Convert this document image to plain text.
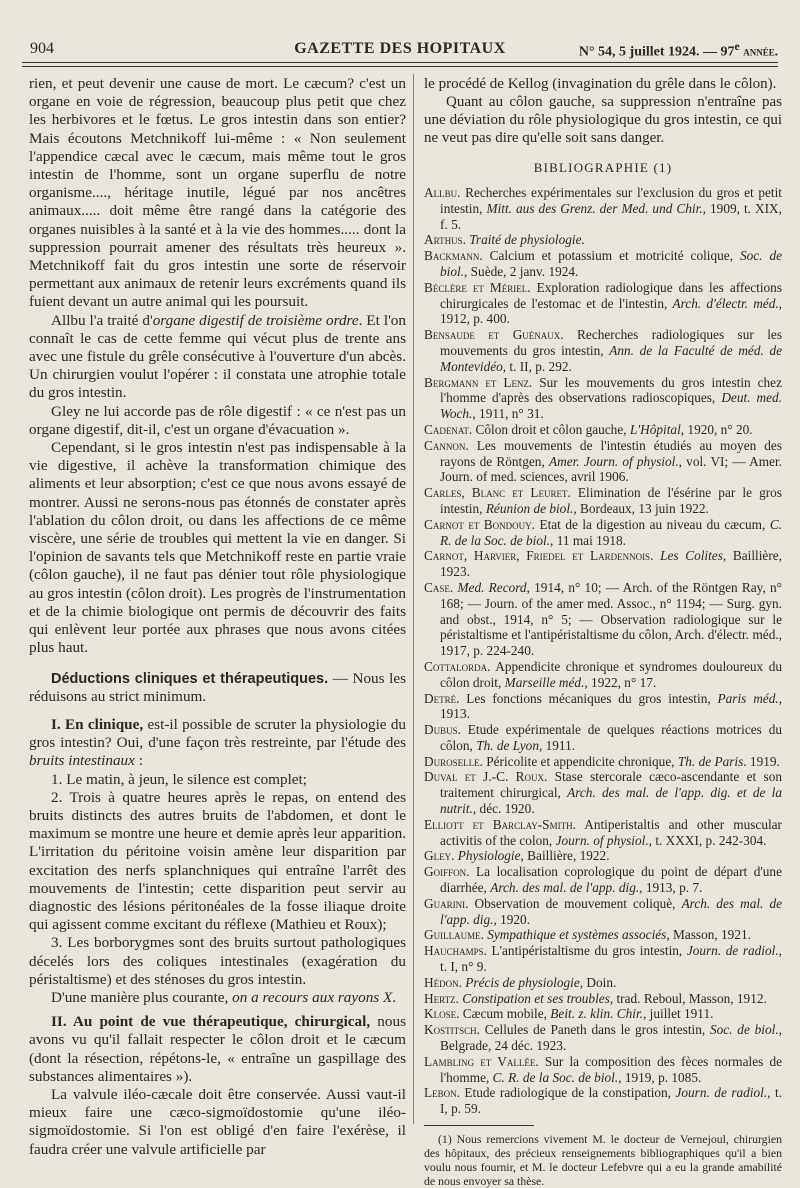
904	GAZETTE DES HOPITAUX	N° 54, 5 juillet 1924. — 97e année.

rien, et peut devenir une cause de mort. Le cæcum? c'est un organe en voie de régression, beaucoup plus petit que chez les herbivores et le fœtus. Le gros intestin dans son entier? Mais écoutons Metchnikoff lui-même : « Non seulement l'appendice cæcal avec le cæcum, mais même tout le gros intestin de l'homme, sont un organe superflu de notre organisme...., héritage inutile, légué par nos ancêtres animaux..... doit même être rangé dans la catégorie des organes nuisibles à la santé et à la vie des hommes..... dont la suppression pourrait amener des résultats très heureux ». Metchnikoff fait du gros intestin une sorte de réservoir permettant aux animaux de retenir leurs excréments quand ils fuient devant un autre animal qui les poursuit.

Allbu l'a traité d'organe digestif de troisième ordre. Et l'on connaît le cas de cette femme qui vécut plus de trente ans avec une fistule du grêle consécutive à l'ouverture d'un abcès. Un chirurgien voulut l'opérer : il constata une atrophie totale du gros intestin.

Gley ne lui accorde pas de rôle digestif : « ce n'est pas un organe digestif, dit-il, c'est un organe d'évacuation ».

Cependant, si le gros intestin n'est pas indispensable à la vie digestive, il achève la transformation chimique des aliments et leur absorption; c'est ce que nous avons essayé de montrer. Aussi ne serons-nous pas étonnés de constater après l'ablation du côlon droit, ou dans les affections de ce même viscère, une série de troubles qui mettent la vie en danger. Si l'opinion de savants tels que Metchnikoff reste en partie vraie (côlon gauche), il ne faut pas dénier tout rôle physiologique au gros intestin (côlon droit). Les progrès de l'instrumentation et de la chimie biologique ont permis de découvrir des faits qui enlèvent leur portée aux phrases que nous avons citées plus haut.

Déductions cliniques et thérapeutiques. — Nous les réduisons au strict minimum.

I. En clinique, est-il possible de scruter la physiologie du gros intestin? Oui, d'une façon très restreinte, par l'étude des bruits intestinaux :

1. Le matin, à jeun, le silence est complet;

2. Trois à quatre heures après le repas, on entend des bruits distincts des autres bruits de l'abdomen, et dont le maximum se montre une heure et demie après leur apparition. L'irritation du péritoine voisin amène leur disparition par excitation des nerfs splanchniques qui entraîne l'arrêt des mouvements de l'intestin; cette disparition peut servir au diagnostic des lésions péritonéales de la fosse iliaque droite qui agissent comme excitant du réflexe (Mathieu et Roux);

3. Les borborygmes sont des bruits surtout pathologiques décelés lors des coliques intestinales (exagération du péristaltisme) et des sténoses du gros intestin.

D'une manière plus courante, on a recours aux rayons X.

II. Au point de vue thérapeutique, chirurgical, nous avons vu qu'il fallait respecter le côlon droit et le cæcum (dont la résection, répétons-le, « entraîne un gaspillage des substances alimentaires »).

La valvule iléo-cæcale doit être conservée. Aussi vaut-il mieux faire une cæco-sigmoïdostomie qu'une iléo-sigmoïdostomie. Si l'on est obligé d'en faire l'exérèse, il faudra créer une valvule artificielle par

le procédé de Kellog (invagination du grêle dans le côlon).

Quant au côlon gauche, sa suppression n'entraîne pas une déviation du rôle physiologique du gros intestin, ce qui ne veut pas dire qu'elle soit sans danger.

BIBLIOGRAPHIE (1)

Allbu. Recherches expérimentales sur l'exclusion du gros et petit intestin, Mitt. aus des Grenz. der Med. und Chir., 1909, t. XIX, f. 5.

Arthus. Traité de physiologie.

Backmann. Calcium et potassium et motricité colique, Soc. de biol., Suède, 2 janv. 1924.

Béclère et Mériel. Exploration radiologique dans les affections chirurgicales de l'estomac et de l'intestin, Arch. d'électr. méd., 1912, p. 400.

Bensaude et Guénaux. Recherches radiologiques sur les mouvements du gros intestin, Ann. de la Faculté de méd. de Montevidéo, t. II, p. 292.

Bergmann et Lenz. Sur les mouvements du gros intestin chez l'homme d'après des observations radioscopiques, Deut. med. Woch., 1911, n° 31.

Cadenat. Côlon droit et côlon gauche, L'Hôpital, 1920, n° 20.

Cannon. Les mouvements de l'intestin étudiés au moyen des rayons de Röntgen, Amer. Journ. of physiol., vol. VI; — Amer. Journ. of med. sciences, avril 1906.

Carles, Blanc et Leuret. Elimination de l'ésérine par le gros intestin, Réunion de biol., Bordeaux, 13 juin 1922.

Carnot et Bondouy. Etat de la digestion au niveau du cæcum, C. R. de la Soc. de biol., 11 mai 1918.

Carnot, Harvier, Friedel et Lardennois. Les Colites, Baillière, 1923.

Case. Med. Record, 1914, n° 10; — Arch. of the Röntgen Ray, n° 168; — Journ. of the amer med. Assoc., n° 1194; — Surg. gyn. and obst., 1914, n° 5; — Observation radiologique sur le péristaltisme et l'antipéristaltisme du côlon, Arch. d'électr. méd., 1917, p. 224-240.

Cottalorda. Appendicite chronique et syndromes douloureux du côlon droit, Marseille méd., 1922, n° 17.

Detré. Les fonctions mécaniques du gros intestin, Paris méd., 1913.

Dubus. Etude expérimentale de quelques réactions motrices du côlon, Th. de Lyon, 1911.

Duroselle. Péricolite et appendicite chronique, Th. de Paris. 1919.

Duval et J.-C. Roux. Stase stercorale cæco-ascendante et son traitement chirurgical, Arch. des mal. de l'app. dig. et de la nutrit., déc. 1920.

Elliott et Barclay-Smith. Antiperistaltis and other muscular activitis of the colon, Journ. of physiol., t. XXXI, p. 242-304.

Gley. Physiologie, Baillière, 1922.

Goiffon. La localisation coprologique du point de départ d'une diarrhée, Arch. des mal. de l'app. dig., 1913, p. 7.

Guarini. Observation de mouvement coliquè, Arch. des mal. de l'app. dig., 1920.

Guillaume. Sympathique et systèmes associés, Masson, 1921.

Hauchamps. L'antipéristaltisme du gros intestin, Journ. de radiol., t. I, n° 9.

Hédon. Précis de physiologie, Doin.

Hertz. Constipation et ses troubles, trad. Reboul, Masson, 1912.

Klose. Cæcum mobile, Beit. z. klin. Chir., juillet 1911.

Kostitsch. Cellules de Paneth dans le gros intestin, Soc. de biol., Belgrade, 24 déc. 1923.

Lambling et Vallée. Sur la composition des fèces normales de l'homme, C. R. de la Soc. de biol., 1919, p. 1085.

Lebon. Etude radiologique de la constipation, Journ. de radiol., t. I, p. 59.

(1) Nous remercions vivement M. le docteur de Vernejoul, chirurgien des hôpitaux, des précieux renseignements bibliographiques qu'il a bien voulu nous fournir, et M. le docteur Lefebvre qui a eu la grande amabilité de nous envoyer sa thèse.
